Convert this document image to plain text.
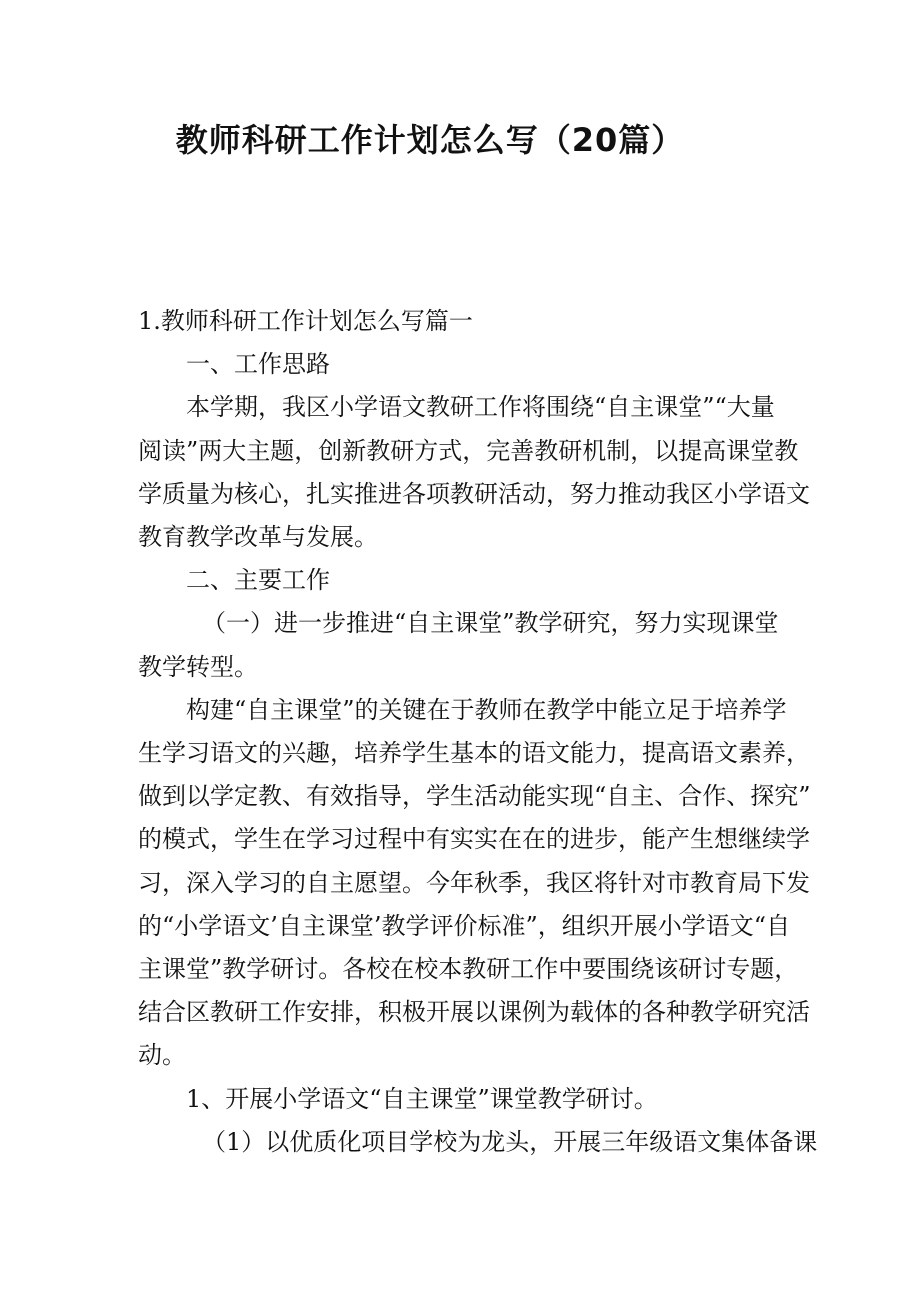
教师科研工作计划怎么写（20篇）

1.教师科研工作计划怎么写篇一

一、工作思路

本学期，我区小学语文教研工作将围绕“自主课堂”“大量

阅读”两大主题，创新教研方式，完善教研机制，以提高课堂教

学质量为核心，扎实推进各项教研活动，努力推动我区小学语文

教育教学改革与发展。

二、主要工作

（一）进一步推进“自主课堂”教学研究，努力实现课堂

教学转型。

构建“自主课堂”的关键在于教师在教学中能立足于培养学

生学习语文的兴趣，培养学生基本的语文能力，提高语文素养，

做到以学定教、有效指导，学生活动能实现“自主、合作、探究”

的模式，学生在学习过程中有实实在在的进步，能产生想继续学

习，深入学习的自主愿望。今年秋季，我区将针对市教育局下发

的“小学语文’自主课堂’教学评价标准”，组织开展小学语文“自

主课堂”教学研讨。各校在校本教研工作中要围绕该研讨专题，

结合区教研工作安排，积极开展以课例为载体的各种教学研究活

动。

1、开展小学语文“自主课堂”课堂教学研讨。

（1）以优质化项目学校为龙头，开展三年级语文集体备课
